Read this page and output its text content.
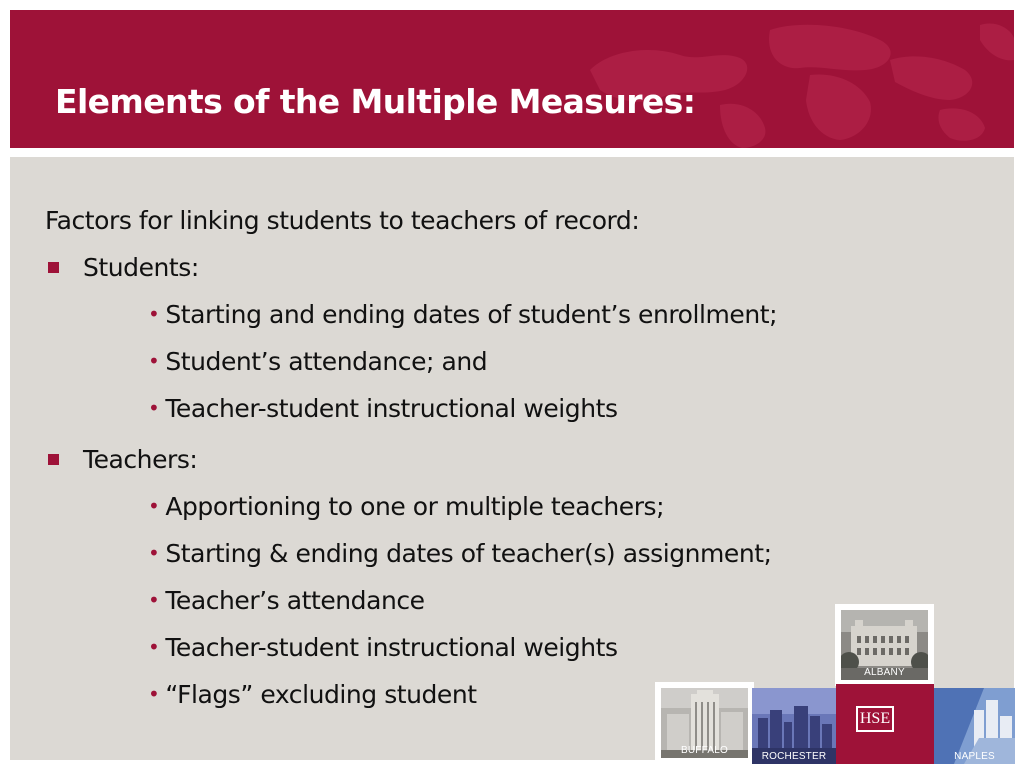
Elements of the Multiple Measures:
Factors for linking students to teachers of record:
Students:
• Starting and ending dates of student’s enrollment;
• Student’s attendance; and
• Teacher-student instructional weights
Teachers:
• Apportioning to one or multiple teachers;
• Starting & ending dates of teacher(s) assignment;
• Teacher’s attendance
• Teacher-student instructional weights
• “Flags” excluding student
ALBANY
BUFFALO
ROCHESTER
HSE
NAPLES
